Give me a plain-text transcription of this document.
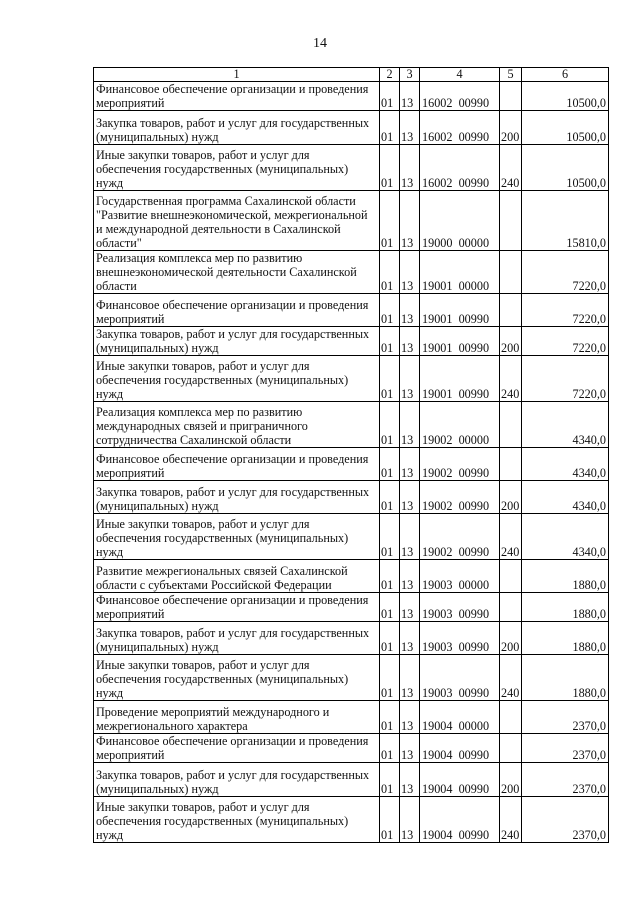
14
1	2	3	4	5	6
Финансовое обеспечение организации и проведения мероприятий	01	13	16002  00990		10500,0
Закупка товаров, работ и услуг для государственных (муниципальных) нужд	01	13	16002  00990	200	10500,0
Иные закупки товаров, работ и услуг для обеспечения государственных (муниципальных) нужд	01	13	16002  00990	240	10500,0
Государственная программа Сахалинской области "Развитие внешнеэкономической, межрегиональной и международной деятельности в Сахалинской области"	01	13	19000  00000		15810,0
Реализация комплекса мер по развитию внешнеэкономической деятельности Сахалинской области	01	13	19001  00000		7220,0
Финансовое обеспечение организации и проведения мероприятий	01	13	19001  00990		7220,0
Закупка товаров, работ и услуг для государственных (муниципальных) нужд	01	13	19001  00990	200	7220,0
Иные закупки товаров, работ и услуг для обеспечения государственных (муниципальных) нужд	01	13	19001  00990	240	7220,0
Реализация комплекса мер по развитию международных связей и приграничного сотрудничества Сахалинской области	01	13	19002  00000		4340,0
Финансовое обеспечение организации и проведения мероприятий	01	13	19002  00990		4340,0
Закупка товаров, работ и услуг для государственных (муниципальных) нужд	01	13	19002  00990	200	4340,0
Иные закупки товаров, работ и услуг для обеспечения государственных (муниципальных) нужд	01	13	19002  00990	240	4340,0
Развитие межрегиональных связей Сахалинской области с субъектами Российской Федерации	01	13	19003  00000		1880,0
Финансовое обеспечение организации и проведения мероприятий	01	13	19003  00990		1880,0
Закупка товаров, работ и услуг для государственных (муниципальных) нужд	01	13	19003  00990	200	1880,0
Иные закупки товаров, работ и услуг для обеспечения государственных (муниципальных) нужд	01	13	19003  00990	240	1880,0
Проведение мероприятий международного и межрегионального характера	01	13	19004  00000		2370,0
Финансовое обеспечение организации и проведения мероприятий	01	13	19004  00990		2370,0
Закупка товаров, работ и услуг для государственных (муниципальных) нужд	01	13	19004  00990	200	2370,0
Иные закупки товаров, работ и услуг для обеспечения государственных (муниципальных) нужд	01	13	19004  00990	240	2370,0
